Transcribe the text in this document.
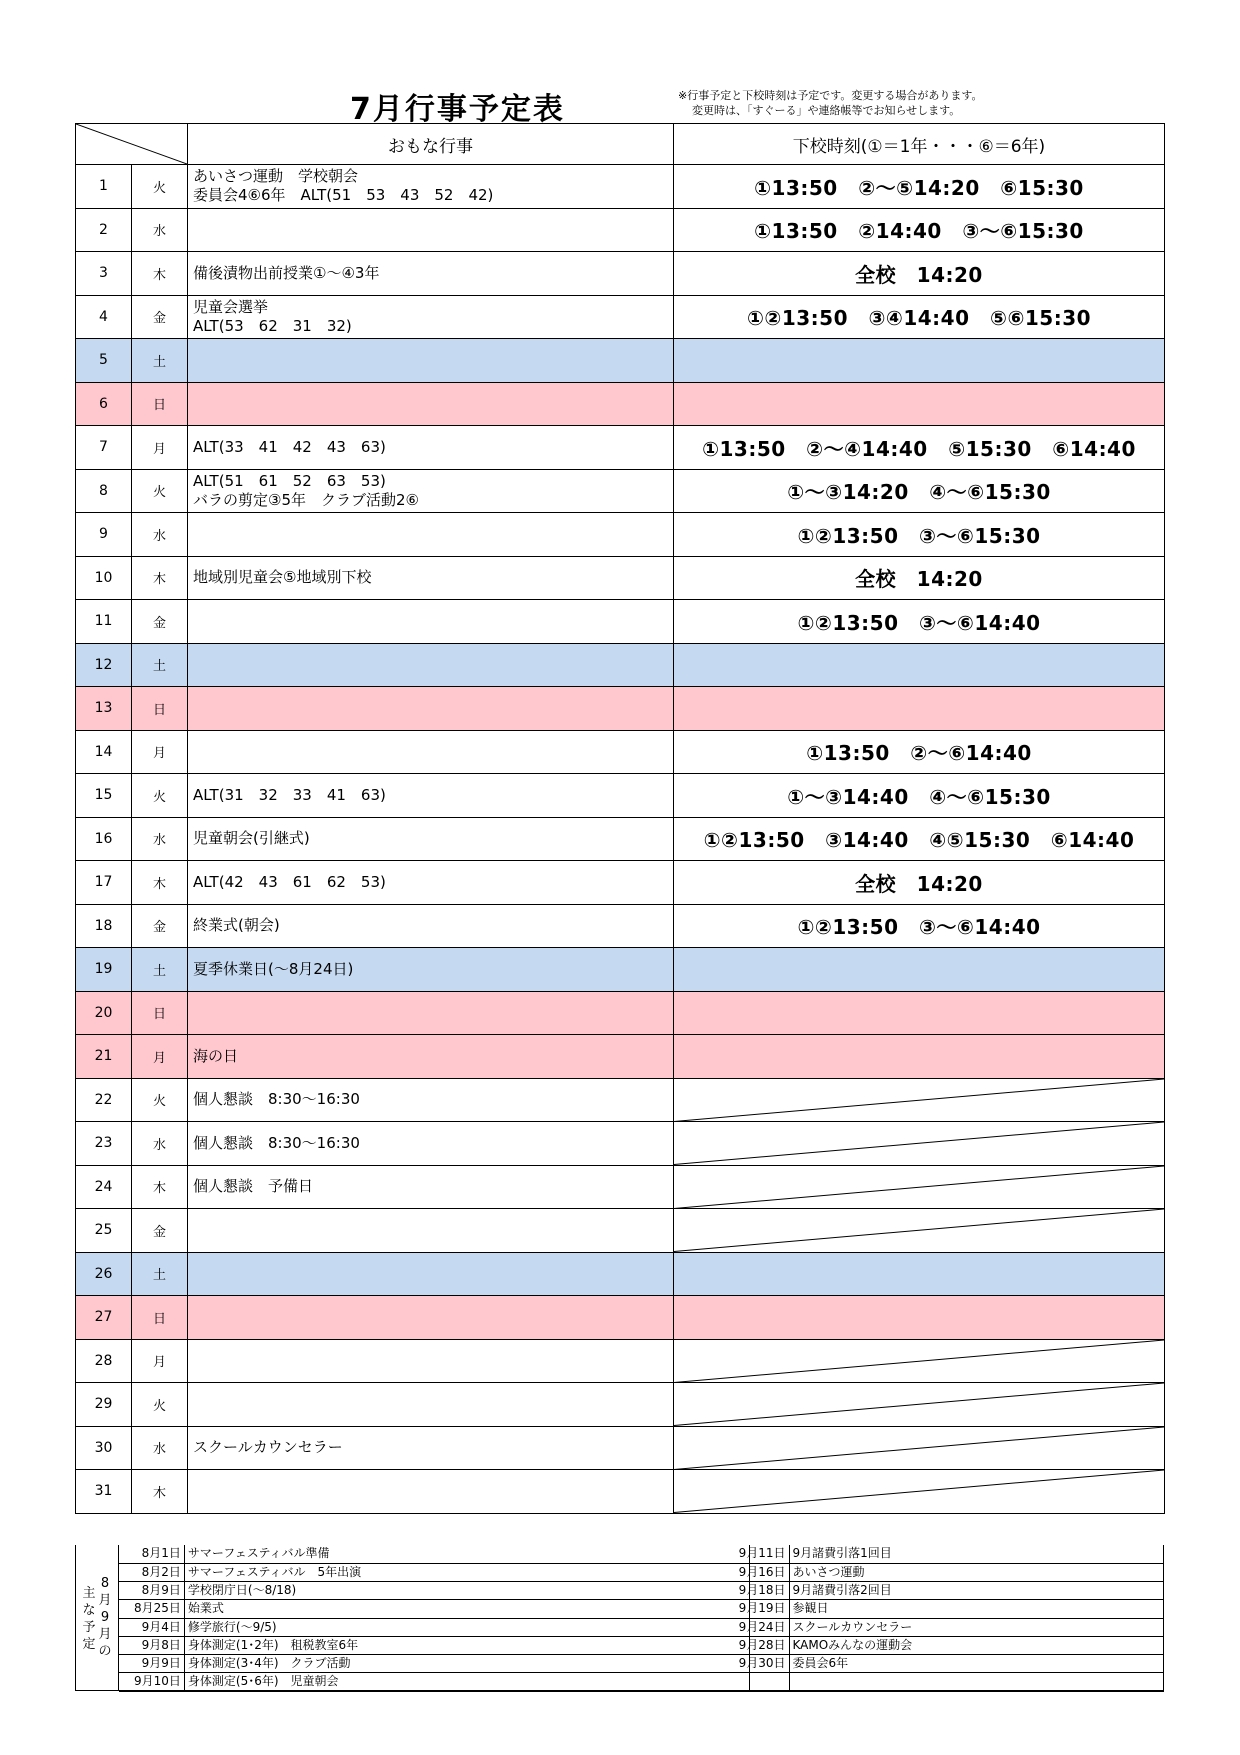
7月行事予定表	※行事予定と下校時刻は予定です。変更する場合があります。
変更時は、「すぐーる」や連絡帳等でお知らせします。
	おもな行事	下校時刻(①＝1年・・・⑥＝6年)
1	火	あいさつ運動　学校朝会
委員会4⑥6年　ALT(51　53　43　52　42)	①13:50　②～⑤14:20　⑥15:30
2	水		①13:50　②14:40　③～⑥15:30
3	木	備後漬物出前授業①～④3年	全校　14:20
4	金	児童会選挙
ALT(53　62　31　32)	①②13:50　③④14:40　⑤⑥15:30
5	土		
6	日		
7	月	ALT(33　41　42　43　63)	①13:50　②～④14:40　⑤15:30　⑥14:40
8	火	ALT(51　61　52　63　53)
バラの剪定③5年　クラブ活動2⑥	①～③14:20　④～⑥15:30
9	水		①②13:50　③～⑥15:30
10	木	地域別児童会⑤地域別下校	全校　14:20
11	金		①②13:50　③～⑥14:40
12	土		
13	日		
14	月		①13:50　②～⑥14:40
15	火	ALT(31　32　33　41　63)	①～③14:40　④～⑥15:30
16	水	児童朝会(引継式)	①②13:50　③14:40　④⑤15:30　⑥14:40
17	木	ALT(42　43　61　62　53)	全校　14:20
18	金	終業式(朝会)	①②13:50　③～⑥14:40
19	土	夏季休業日(～8月24日)	

20	日		
21	月	海の日	

22	火	個人懇談　8:30～16:30

23	水	個人懇談　8:30～16:30

24	木	個人懇談　予備日

25	金		

26	土		
27	日		
28	月		

29	火		

30	水	スクールカウンセラー

31	木		
主
な
予
定
8
月
9
月
の
8月1日	サマーフェスティバル準備
8月2日	サマーフェスティバル　5年出演
8月9日	学校閉庁日(～8/18)
8月25日	始業式
9月4日	修学旅行(～9/5)
9月8日	身体測定(1･2年)　租税教室6年
9月9日	身体測定(3･4年)　クラブ活動
9月10日	身体測定(5･6年)　児童朝会
9月11日	9月諸費引落1回目
9月16日	あいさつ運動
9月18日	9月諸費引落2回目
9月19日	参観日
9月24日	スクールカウンセラー
9月28日	KAMOみんなの運動会
9月30日	委員会6年
